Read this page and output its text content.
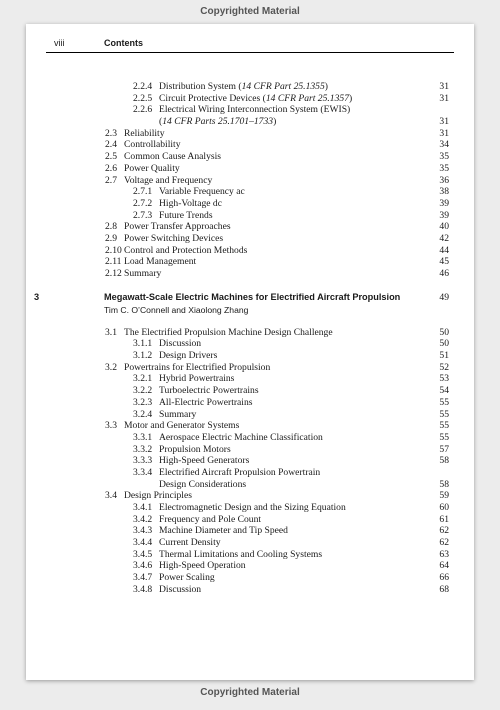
Copyrighted Material
viii	Contents
2.2.4 Distribution System (14 CFR Part 25.1355)	31
2.2.5 Circuit Protective Devices (14 CFR Part 25.1357)	31
2.2.6 Electrical Wiring Interconnection System (EWIS)
(14 CFR Parts 25.1701–1733)	31
2.3 Reliability	31
2.4 Controllability	34
2.5 Common Cause Analysis	35
2.6 Power Quality	35
2.7 Voltage and Frequency	36
2.7.1 Variable Frequency ac	38
2.7.2 High-Voltage dc	39
2.7.3 Future Trends	39
2.8 Power Transfer Approaches	40
2.9 Power Switching Devices	42
2.10 Control and Protection Methods	44
2.11 Load Management	45
2.12 Summary	46
3	Megawatt-Scale Electric Machines for Electrified Aircraft Propulsion	49
Tim C. O’Connell and Xiaolong Zhang
3.1 The Electrified Propulsion Machine Design Challenge	50
3.1.1 Discussion	50
3.1.2 Design Drivers	51
3.2 Powertrains for Electrified Propulsion	52
3.2.1 Hybrid Powertrains	53
3.2.2 Turboelectric Powertrains	54
3.2.3 All-Electric Powertrains	55
3.2.4 Summary	55
3.3 Motor and Generator Systems	55
3.3.1 Aerospace Electric Machine Classification	55
3.3.2 Propulsion Motors	57
3.3.3 High-Speed Generators	58
3.3.4 Electrified Aircraft Propulsion Powertrain
Design Considerations	58
3.4 Design Principles	59
3.4.1 Electromagnetic Design and the Sizing Equation	60
3.4.2 Frequency and Pole Count	61
3.4.3 Machine Diameter and Tip Speed	62
3.4.4 Current Density	62
3.4.5 Thermal Limitations and Cooling Systems	63
3.4.6 High-Speed Operation	64
3.4.7 Power Scaling	66
3.4.8 Discussion	68
Copyrighted Material
